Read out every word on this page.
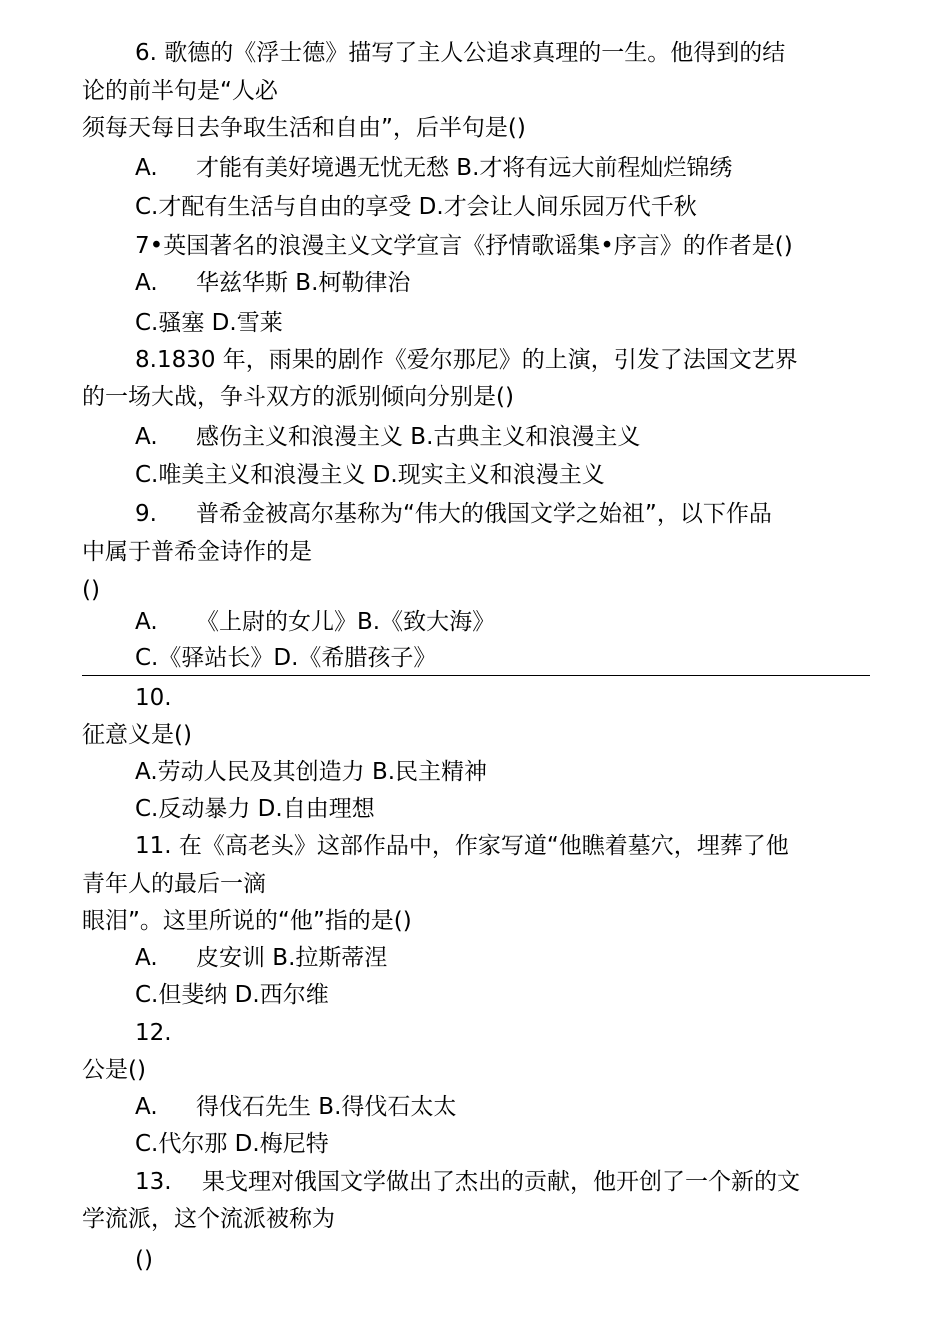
6. 歌德的《浮士德》描写了主人公追求真理的一生。他得到的结
论的前半句是“人必
须每天每日去争取生活和自由”，后半句是()
A. 才能有美好境遇无忧无愁 B.才将有远大前程灿烂锦绣
C.才配有生活与自由的享受 D.才会让人间乐园万代千秋
7•英国著名的浪漫主义文学宣言《抒情歌谣集•序言》的作者是()
A. 华兹华斯 B.柯勒律治
C.骚塞 D.雪莱
8.1830 年，雨果的剧作《爱尔那尼》的上演，引发了法国文艺界
的一场大战，争斗双方的派别倾向分别是()
A. 感伤主义和浪漫主义 B.古典主义和浪漫主义
C.唯美主义和浪漫主义 D.现实主义和浪漫主义
9. 普希金被高尔基称为“伟大的俄国文学之始祖”，以下作品
中属于普希金诗作的是
()
A. 《上尉的女儿》B.《致大海》
C.《驿站长》D.《希腊孩子》
10.
征意义是()
A.劳动人民及其创造力 B.民主精神
C.反动暴力 D.自由理想
11. 在《高老头》这部作品中，作家写道“他瞧着墓穴，埋葬了他
青年人的最后一滴
眼泪”。这里所说的“他”指的是()
A. 皮安训 B.拉斯蒂涅
C.但斐纳 D.西尔维
12.
公是()
A. 得伐石先生 B.得伐石太太
C.代尔那 D.梅尼特
13. 果戈理对俄国文学做出了杰出的贡献，他开创了一个新的文
学流派，这个流派被称为
()
